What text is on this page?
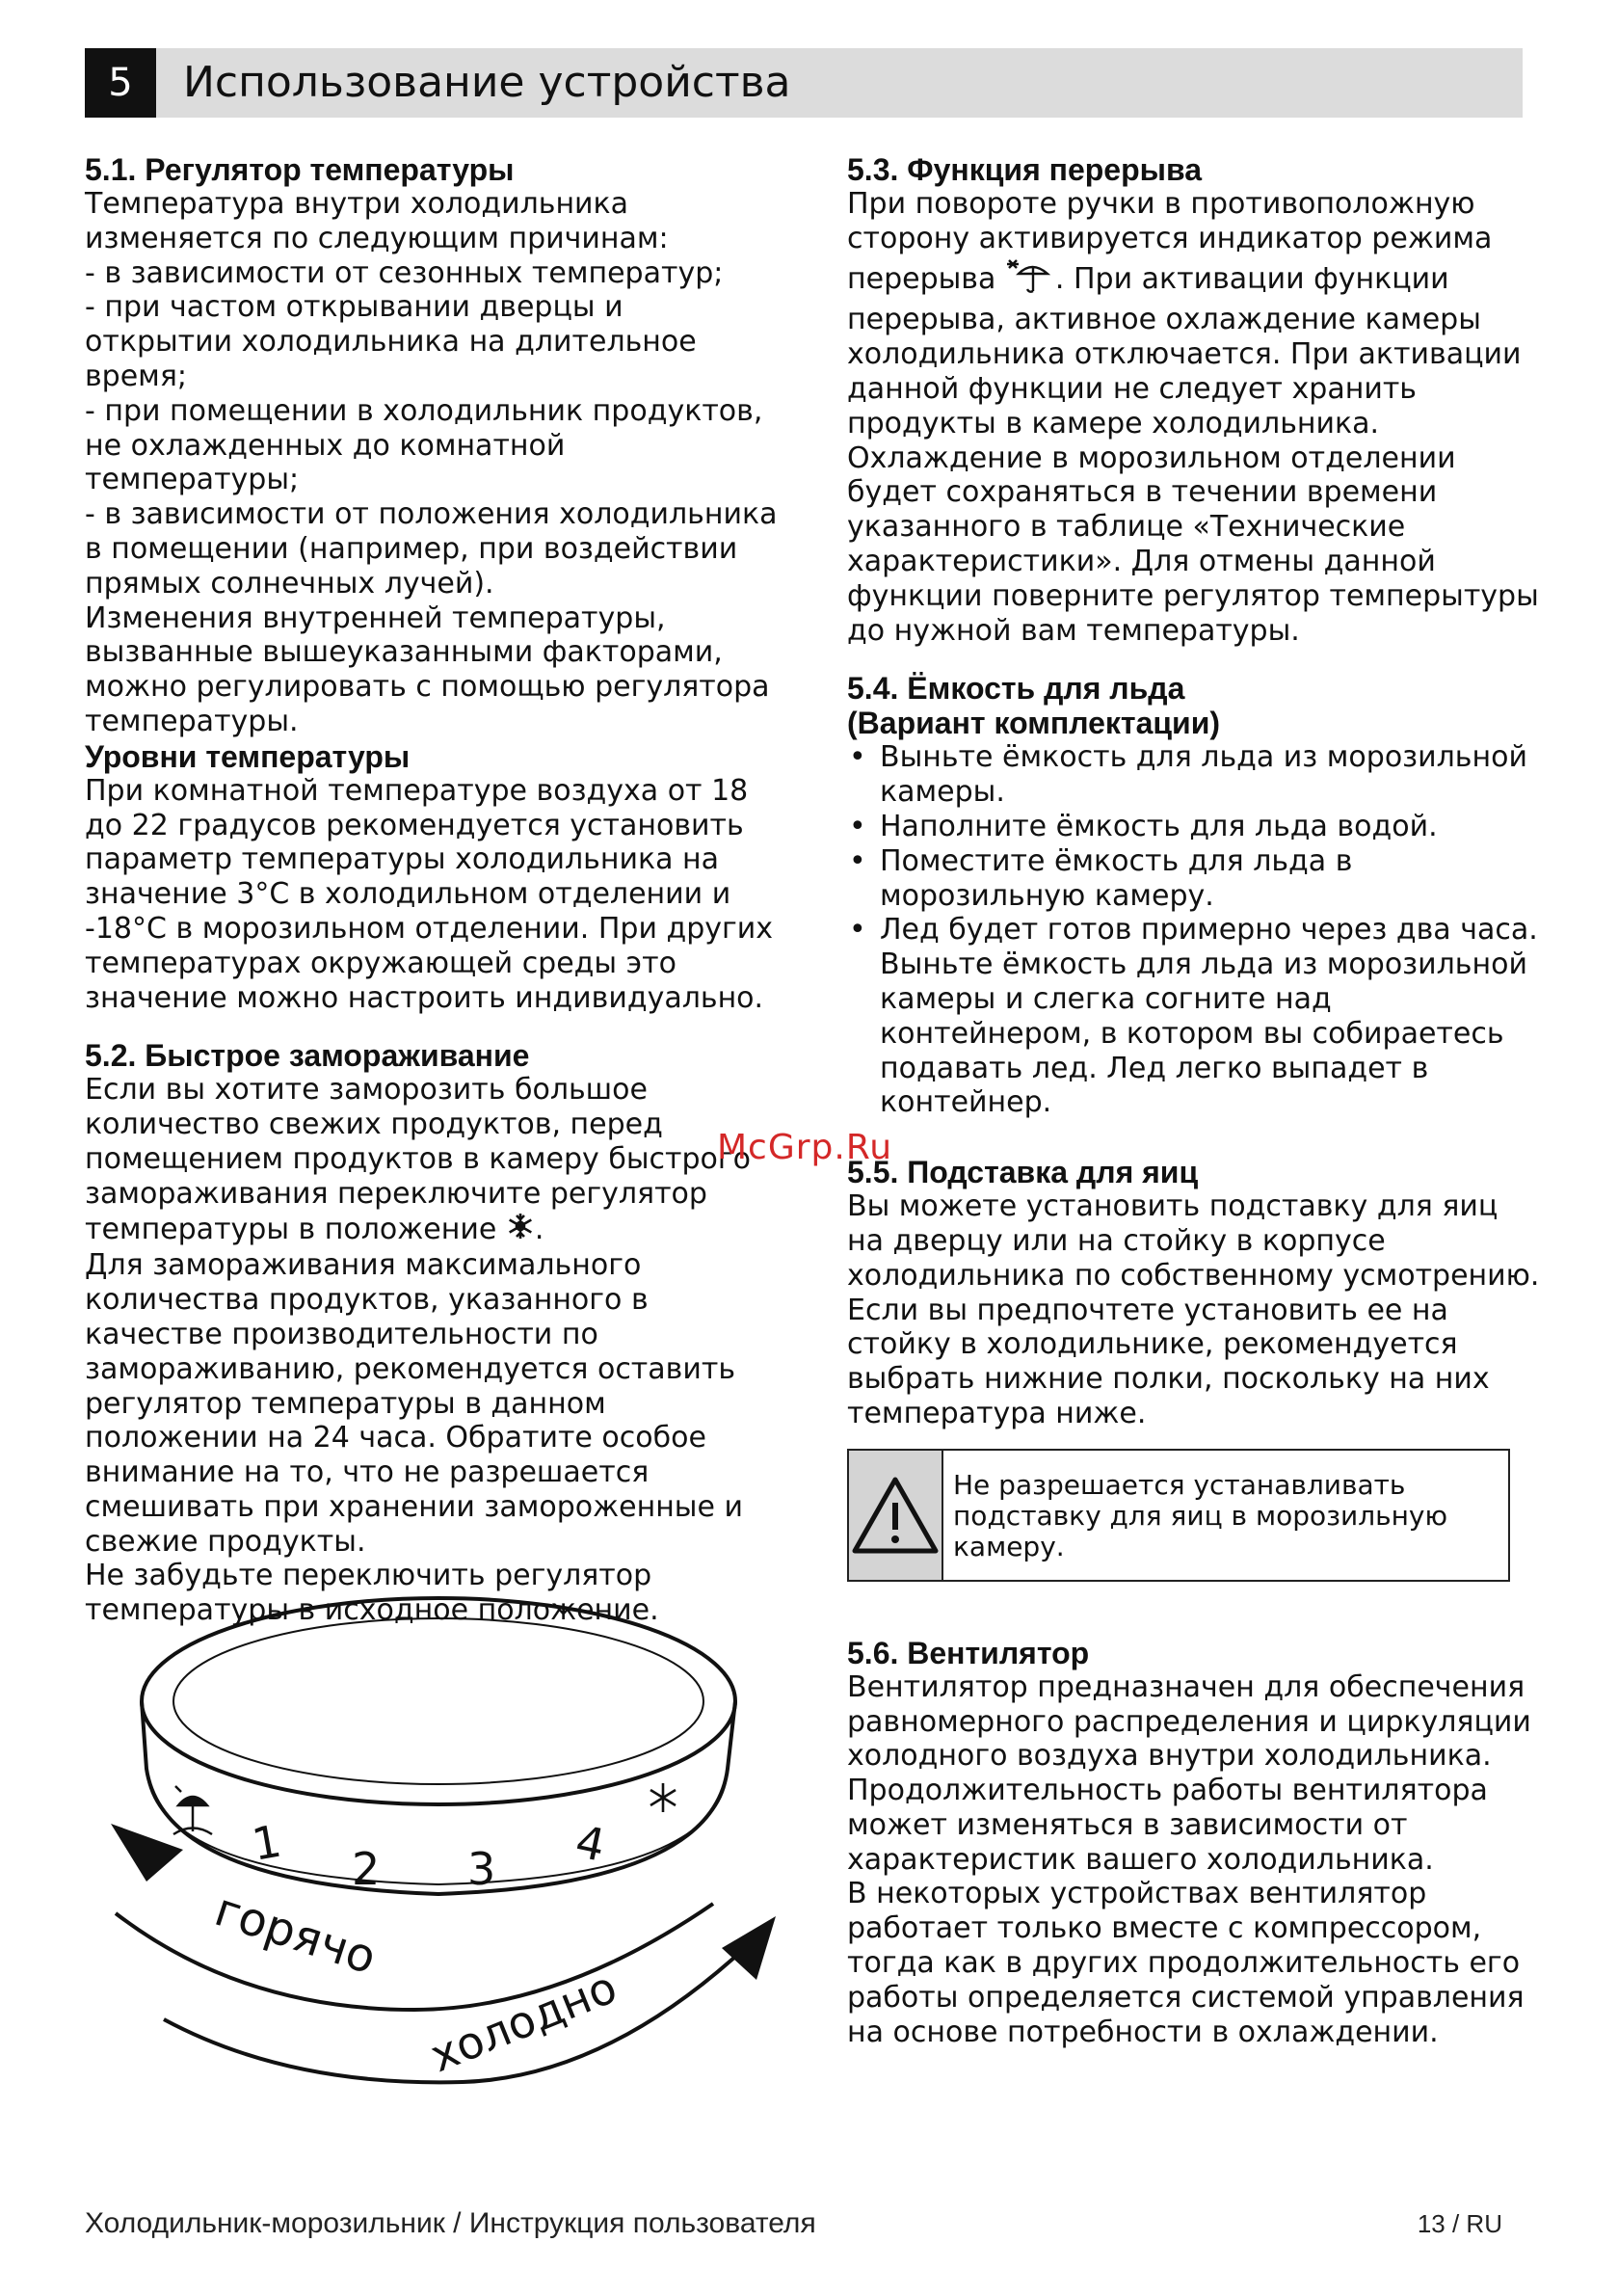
5	Использование устройства
5.1. Регулятор температуры

Температура внутри холодильника изменяется по следующим причинам:

- в зависимости от сезонных температур;

- при частом открывании дверцы и открытии холодильника на длительное время;

- при помещении в холодильник продуктов, не охлажденных до комнатной температуры;

- в зависимости от положения холодильника в помещении (например, при воздействии прямых солнечных лучей).

Изменения внутренней температуры, вызванные вышеуказанными факторами, можно регулировать с помощью регулятора температуры.

Уровни температуры

При комнатной температуре воздуха от 18 до 22 градусов рекомендуется установить параметр температуры холодильника на значение 3°C в холодильном отделении и -18°C в морозильном отделении. При других температурах окружающей среды это значение можно настроить индивидуально.

5.2. Быстрое замораживание

Если вы хотите заморозить большое количество свежих продуктов, перед помещением продуктов в камеру быстрого замораживания переключите регулятор температуры в положение .

Для замораживания максимального количества продуктов, указанного в качестве производительности по замораживанию, рекомендуется оставить регулятор температуры в данном положении на 24 часа. Обратите особое внимание на то, что не разрешается смешивать при хранении замороженные и свежие продукты.

Не забудьте переключить регулятор температуры в исходное положение.

1 2 3 4
горячо
холодно
5.3. Функция перерыва

При повороте ручки в противоположную сторону активируется индикатор режима перерыва . При активации функции перерыва, активное охлаждение камеры холодильника отключается. При активации данной функции не следует хранить продукты в камере холодильника. Охлаждение в морозильном отделении будет сохраняться в течении времени указанного в таблице «Технические характеристики». Для отмены данной функции поверните регулятор темперытуры до нужной вам температуры.

5.4. Ёмкость для льда
(Вариант комплектации)
• Выньте ёмкость для льда из морозильной камеры.
• Наполните ёмкость для льда водой.
• Поместите ёмкость для льда в морозильную камеру.
• Лед будет готов примерно через два часа. Выньте ёмкость для льда из морозильной камеры и слегка согните над контейнером, в котором вы собираетесь подавать лед. Лед легко выпадет в контейнер.
5.5. Подставка для яиц

Вы можете установить подставку для яиц на дверцу или на стойку в корпусе холодильника по собственному усмотрению. Если вы предпочтете установить ее на стойку в холодильнике, рекомендуется выбрать нижние полки, поскольку на них температура ниже.

Не разрешается устанавливать подставку для яиц в морозильную камеру.
5.6. Вентилятор

Вентилятор предназначен для обеспечения равномерного распределения и циркуляции холодного воздуха внутри холодильника. Продолжительность работы вентилятора может изменяться в зависимости от характеристик вашего холодильника.

В некоторых устройствах вентилятор работает только вместе с компрессором, тогда как в других продолжительность его работы определяется системой управления на основе потребности в охлаждении.

McGrp.Ru
Холодильник-морозильник / Инструкция пользователя	13 / RU
